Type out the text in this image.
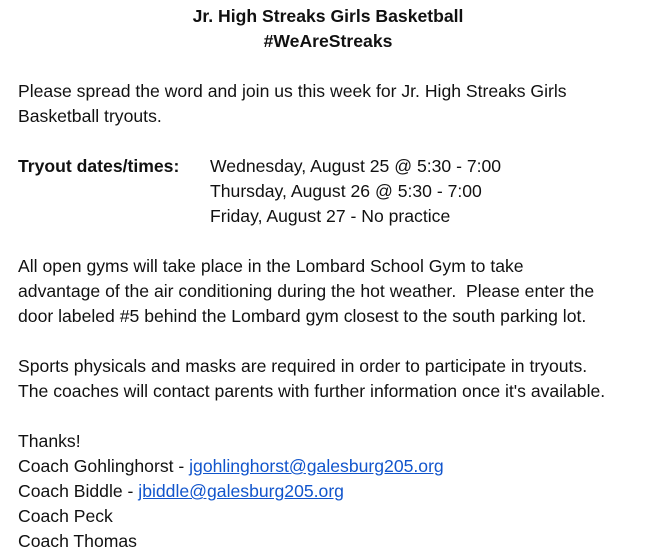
Jr. High Streaks Girls Basketball
#WeAreStreaks
Please spread the word and join us this week for Jr. High Streaks Girls
Basketball tryouts.
Tryout dates/times:	Wednesday, August 25 @ 5:30 - 7:00
Thursday, August 26 @ 5:30 - 7:00
Friday, August 27 - No practice
All open gyms will take place in the Lombard School Gym to take
advantage of the air conditioning during the hot weather.  Please enter the
door labeled #5 behind the Lombard gym closest to the south parking lot.
Sports physicals and masks are required in order to participate in tryouts.
The coaches will contact parents with further information once it's available.
Thanks!
Coach Gohlinghorst - jgohlinghorst@galesburg205.org
Coach Biddle - jbiddle@galesburg205.org
Coach Peck
Coach Thomas
